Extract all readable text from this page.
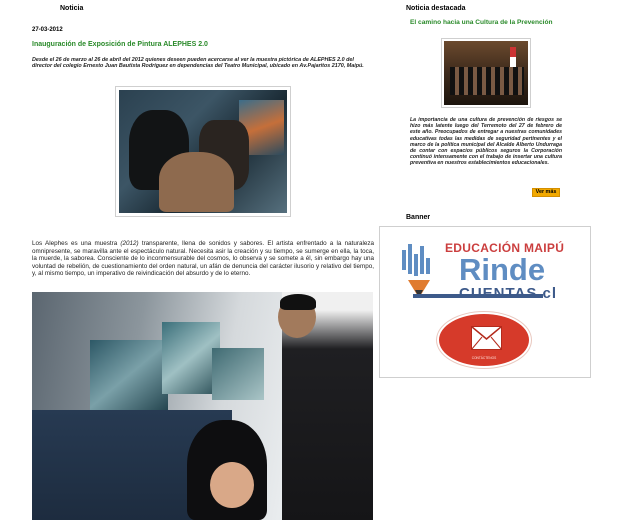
Noticia
27-03-2012
Inauguración de Exposición de Pintura ALEPHES 2.0
Desde el 26 de marzo al 26 de abril del 2012 quienes deseen pueden acercarse al ver la muestra pictórica de ALEPHES 2.0 del director del colegio Ernesto Juan Bautista Rodríguez en dependencias del Teatro Municipal, ubicado en Av.Pajaritos 2170, Maipú.

Los Alephes es una muestra (2012) transparente, llena de sonidos y sabores. El artista enfrentado a la naturaleza omnipresente, se maravilla ante el espectáculo natural. Necesita asir la creación y su tiempo, se sumerge en ella, la toca, la muerde, la saborea. Consciente de lo inconmensurable del cosmos, lo observa y se somete a él, sin embargo hay una voluntad de rebelión, de cuestionamiento del orden natural, un afán de denuncia del carácter ilusorio y relativo del tiempo, y, al mismo tiempo, un imperativo de reivindicación del absurdo y de lo eterno.

Noticia destacada
El camino hacia una Cultura de la Prevención
La importancia de una cultura de prevención de riesgos se hizo más latente luego del Terremoto del 27 de febrero de este año. Preocupados de entregar a nuestras comunidades educativas todas las medidas de seguridad pertinentes y el marco de la política municipal del Alcalde Alberto Undurraga de contar con espacios públicos seguros la Corporación continuó intensamente con el trabajo de insertar una cultura preventiva en nuestros establecimientos educacionales.
Ver más
Banner
EDUCACIÓN MAIPÚ
Rinde
CUENTAS.cl
CONTÁCTENOS
